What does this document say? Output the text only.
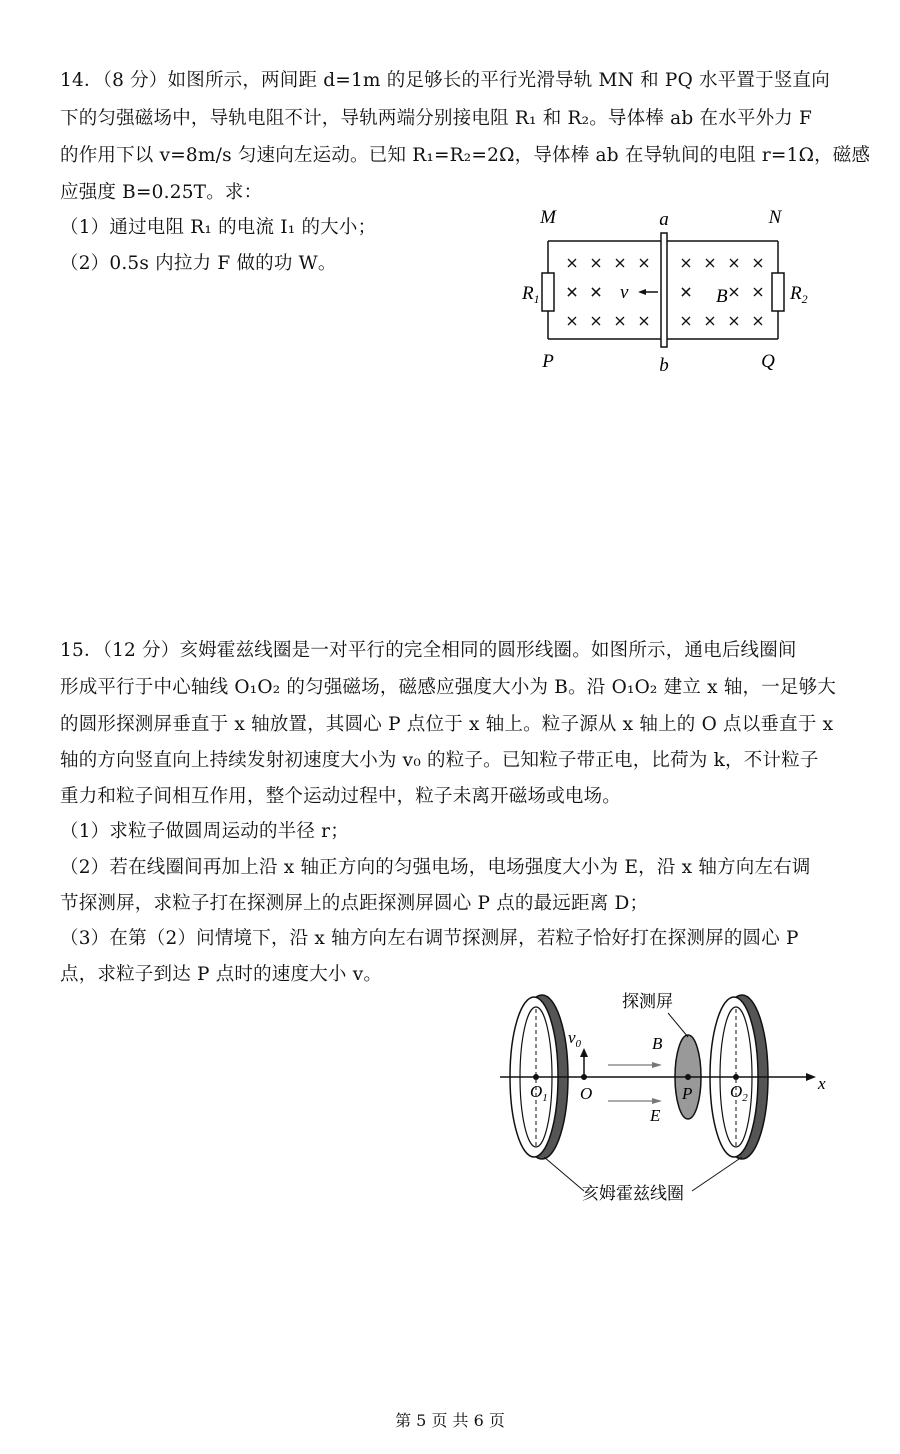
14．（8 分）如图所示，两间距 d=1m 的足够长的平行光滑导轨 MN 和 PQ 水平置于竖直向
下的匀强磁场中，导轨电阻不计，导轨两端分别接电阻 R₁ 和 R₂。导体棒 ab 在水平外力 F
的作用下以 v=8m/s 匀速向左运动。已知 R₁=R₂=2Ω，导体棒 ab 在导轨间的电阻 r=1Ω，磁感
应强度 B=0.25T。求：
（1）通过电阻 R₁ 的电流 I₁ 的大小；
（2）0.5s 内拉力 F 做的功 W。
M	N
P	Q
a
b
$R_1$	$R_2$
v	B
15．（12 分）亥姆霍兹线圈是一对平行的完全相同的圆形线圈。如图所示，通电后线圈间
形成平行于中心轴线 O₁O₂ 的匀强磁场，磁感应强度大小为 B。沿 O₁O₂ 建立 x 轴，一足够大
的圆形探测屏垂直于 x 轴放置，其圆心 P 点位于 x 轴上。粒子源从 x 轴上的 O 点以垂直于 x
轴的方向竖直向上持续发射初速度大小为 v₀ 的粒子。已知粒子带正电，比荷为 k，不计粒子
重力和粒子间相互作用，整个运动过程中，粒子未离开磁场或电场。
（1）求粒子做圆周运动的半径 r；
（2）若在线圈间再加上沿 x 轴正方向的匀强电场，电场强度大小为 E，沿 x 轴方向左右调
节探测屏，求粒子打在探测屏上的点距探测屏圆心 P 点的最远距离 D；
（3）在第（2）问情境下，沿 x 轴方向左右调节探测屏，若粒子恰好打在探测屏的圆心 P
点，求粒子到达 P 点时的速度大小 v。
探测屏
亥姆霍兹线圈
$v_0$	B
E
O
$O_1$	$O_2$
P
x
第 5 页 共 6 页
